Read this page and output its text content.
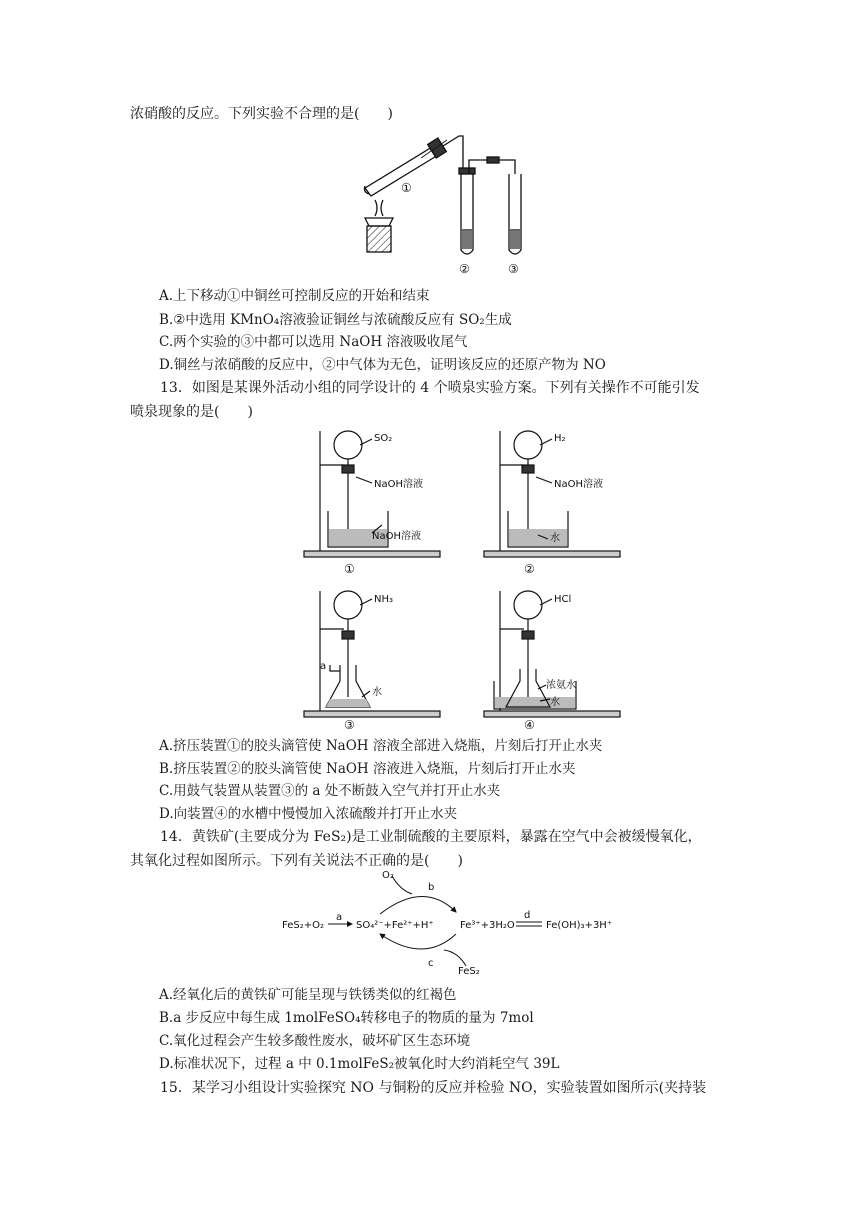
浓硝酸的反应。下列实验不合理的是(　　)
①
②	③
A.上下移动①中铜丝可控制反应的开始和结束
B.②中选用 KMnO₄溶液验证铜丝与浓硫酸反应有 SO₂生成
C.两个实验的③中都可以选用 NaOH 溶液吸收尾气
D.铜丝与浓硝酸的反应中，②中气体为无色，证明该反应的还原产物为 NO
13．如图是某课外活动小组的同学设计的 4 个喷泉实验方案。下列有关操作不可能引发
喷泉现象的是(　　)
SO₂
NaOH溶液
NaOH溶液
①
H₂
NaOH溶液
水
②
NH₃
a
水
③
HCl
浓氨水
水
④
A.挤压装置①的胶头滴管使 NaOH 溶液全部进入烧瓶，片刻后打开止水夹
B.挤压装置②的胶头滴管使 NaOH 溶液进入烧瓶，片刻后打开止水夹
C.用鼓气装置从装置③的 a 处不断鼓入空气并打开止水夹
D.向装置④的水槽中慢慢加入浓硫酸并打开止水夹
14．黄铁矿(主要成分为 FeS₂)是工业制硫酸的主要原料，暴露在空气中会被缓慢氧化，
其氧化过程如图所示。下列有关说法不正确的是(　　)
FeS₂+O₂
a
SO₄²⁻+Fe²⁺+H⁺
O₂
b
c
FeS₂
Fe³⁺+3H₂O
d
Fe(OH)₃+3H⁺
A.经氧化后的黄铁矿可能呈现与铁锈类似的红褐色
B.a 步反应中每生成 1molFeSO₄转移电子的物质的量为 7mol
C.氧化过程会产生较多酸性废水，破坏矿区生态环境
D.标准状况下，过程 a 中 0.1molFeS₂被氧化时大约消耗空气 39L
15．某学习小组设计实验探究 NO 与铜粉的反应并检验 NO，实验装置如图所示(夹持装
